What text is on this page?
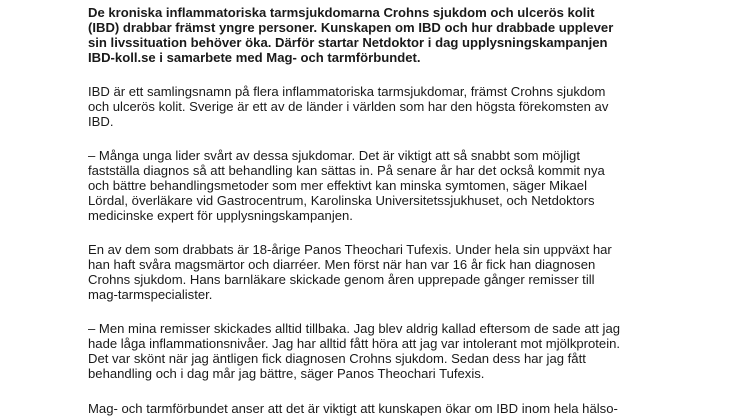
De kroniska inflammatoriska tarmsjukdomarna Crohns sjukdom och ulcerös kolit
(IBD) drabbar främst yngre personer. Kunskapen om IBD och hur drabbade upplever
sin livssituation behöver öka. Därför startar Netdoktor i dag upplysningskampanjen
IBD-koll.se i samarbete med Mag- och tarmförbundet.

IBD är ett samlingsnamn på flera inflammatoriska tarmsjukdomar, främst Crohns sjukdom
och ulcerös kolit. Sverige är ett av de länder i världen som har den högsta förekomsten av
IBD.

– Många unga lider svårt av dessa sjukdomar. Det är viktigt att så snabbt som möjligt
fastställa diagnos så att behandling kan sättas in. På senare år har det också kommit nya
och bättre behandlingsmetoder som mer effektivt kan minska symtomen, säger Mikael
Lördal, överläkare vid Gastrocentrum, Karolinska Universitetssjukhuset, och Netdoktors
medicinske expert för upplysningskampanjen.

En av dem som drabbats är 18-årige Panos Theochari Tufexis. Under hela sin uppväxt har
han haft svåra magsmärtor och diarréer. Men först när han var 16 år fick han diagnosen
Crohns sjukdom. Hans barnläkare skickade genom åren upprepade gånger remisser till
mag-tarmspecialister.

– Men mina remisser skickades alltid tillbaka. Jag blev aldrig kallad eftersom de sade att jag
hade låga inflammationsnivåer. Jag har alltid fått höra att jag var intolerant mot mjölkprotein.
Det var skönt när jag äntligen fick diagnosen Crohns sjukdom. Sedan dess har jag fått
behandling och i dag mår jag bättre, säger Panos Theochari Tufexis.

Mag- och tarmförbundet anser att det är viktigt att kunskapen ökar om IBD inom hela hälso-
